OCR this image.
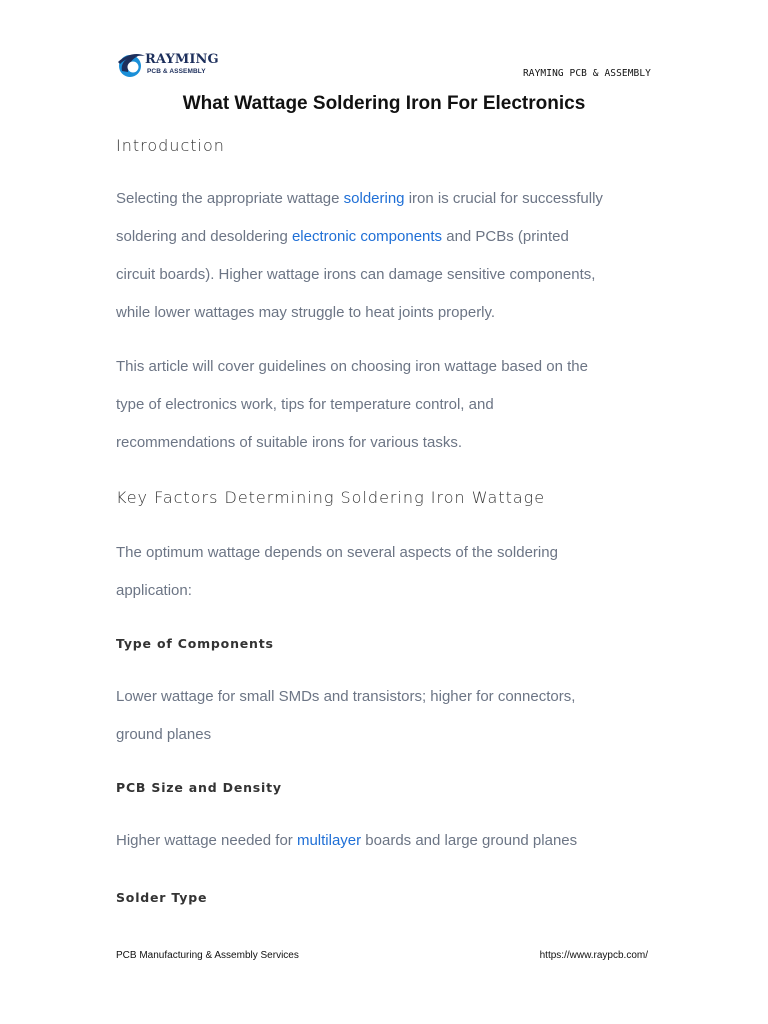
RAYMING
PCB & ASSEMBLY	RAYMING PCB & ASSEMBLY
What Wattage Soldering Iron For Electronics
Introduction

Selecting the appropriate wattage soldering iron is crucial for successfully
soldering and desoldering electronic components and PCBs (printed
circuit boards). Higher wattage irons can damage sensitive components,
while lower wattages may struggle to heat joints properly.

This article will cover guidelines on choosing iron wattage based on the
type of electronics work, tips for temperature control, and
recommendations of suitable irons for various tasks.

Key Factors Determining Soldering Iron Wattage

The optimum wattage depends on several aspects of the soldering
application:

Type of Components

Lower wattage for small SMDs and transistors; higher for connectors,
ground planes

PCB Size and Density

Higher wattage needed for multilayer boards and large ground planes

Solder Type
PCB Manufacturing & Assembly Services	https://www.raypcb.com/
